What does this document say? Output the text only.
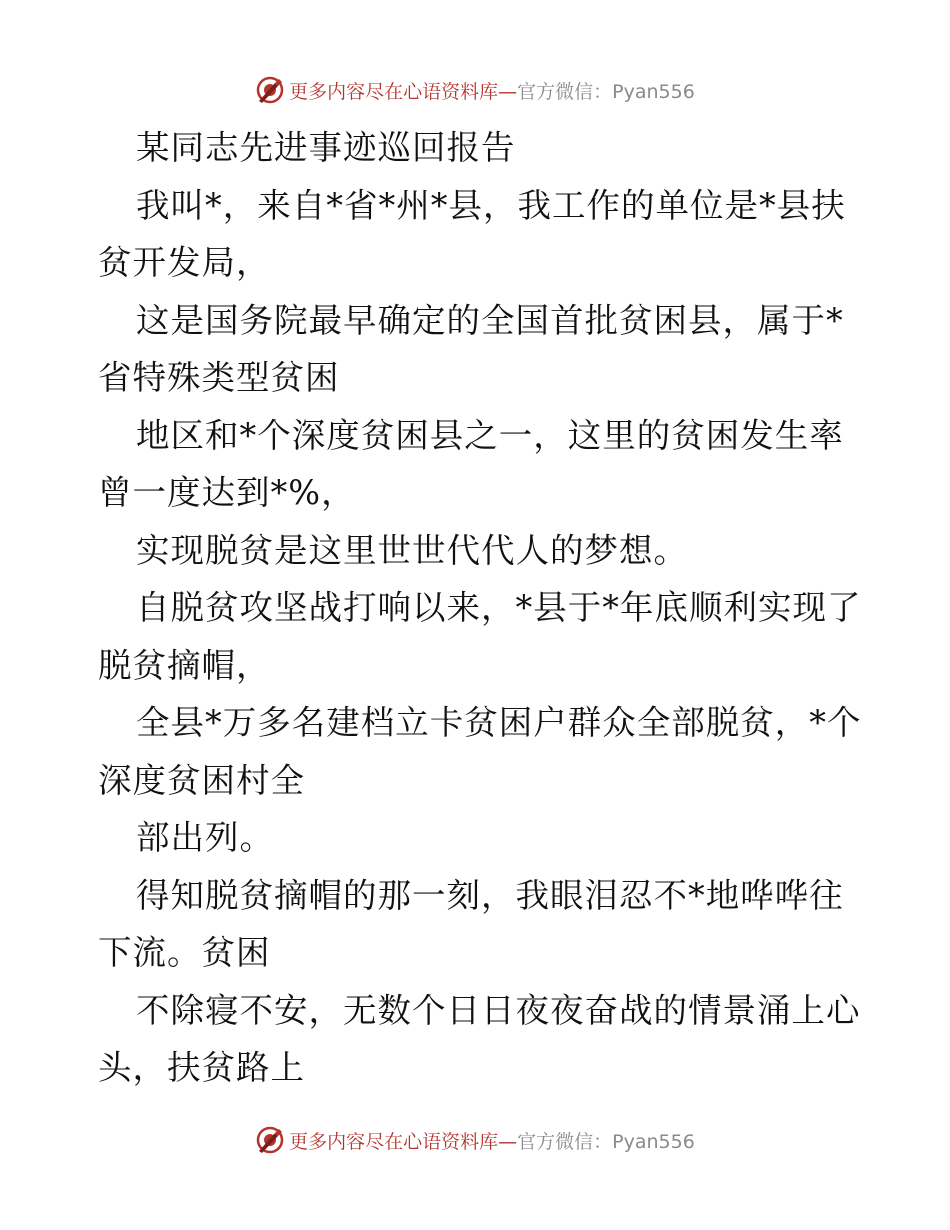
更多内容尽在心语资料库— 官方微信：Pyan556
某同志先进事迹巡回报告
我叫*，来自*省*州*县，我工作的单位是*县扶
贫开发局，
这是国务院最早确定的全国首批贫困县，属于*
省特殊类型贫困
地区和*个深度贫困县之一，这里的贫困发生率
曾一度达到*%，
实现脱贫是这里世世代代人的梦想。
自脱贫攻坚战打响以来，*县于*年底顺利实现了
脱贫摘帽，
全县*万多名建档立卡贫困户群众全部脱贫，*个
深度贫困村全
部出列。
得知脱贫摘帽的那一刻，我眼泪忍不*地哗哗往
下流。贫困
不除寝不安，无数个日日夜夜奋战的情景涌上心
头，扶贫路上
更多内容尽在心语资料库— 官方微信：Pyan556
